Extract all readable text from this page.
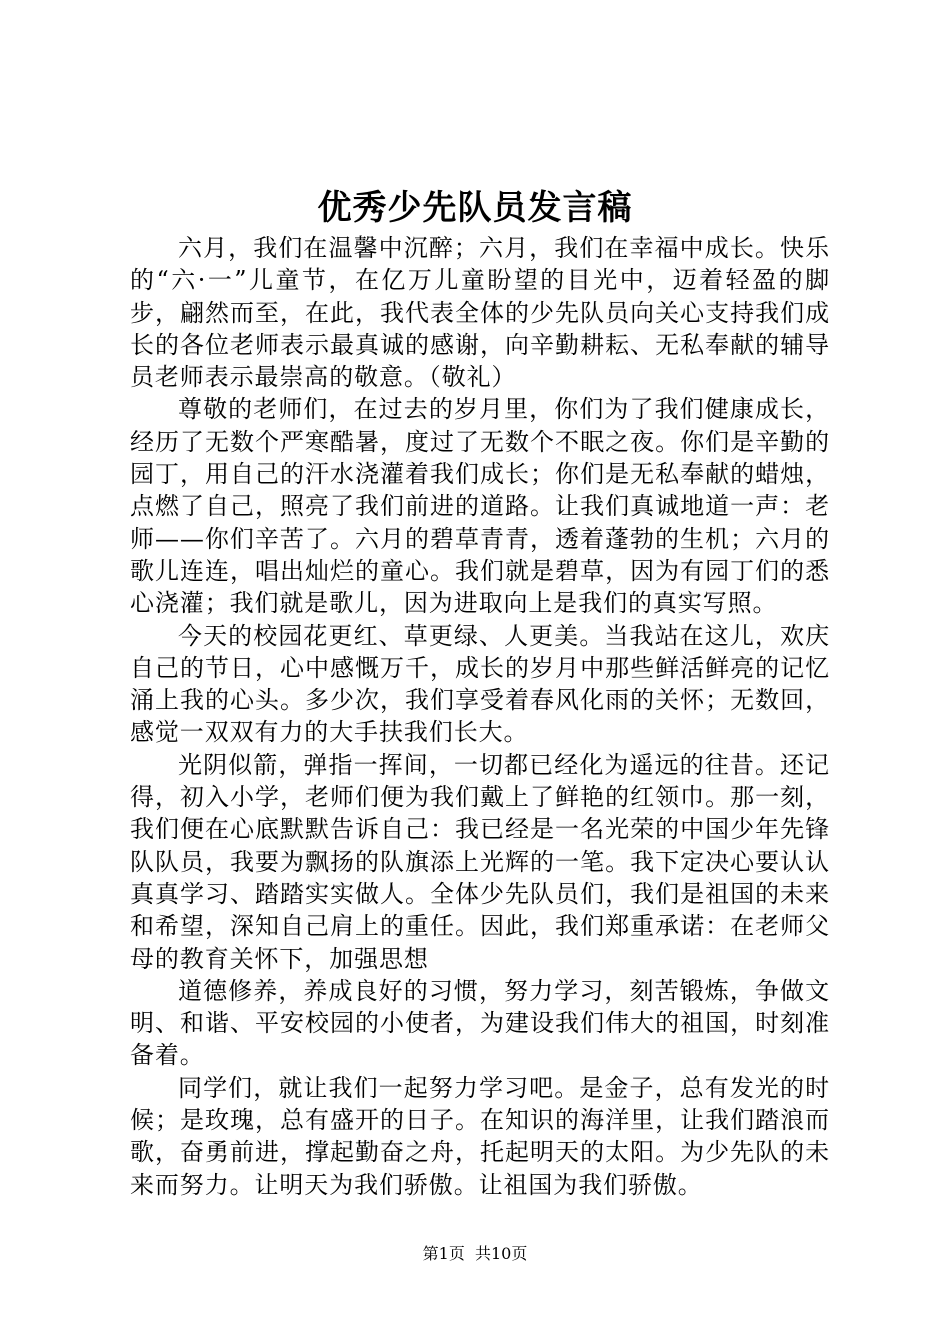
优秀少先队员发言稿

六月，我们在温馨中沉醉；六月，我们在幸福中成长。快乐的“六·一”儿童节，在亿万儿童盼望的目光中，迈着轻盈的脚步，翩然而至，在此，我代表全体的少先队员向关心支持我们成长的各位老师表示最真诚的感谢，向辛勤耕耘、无私奉献的辅导员老师表示最崇高的敬意。（敬礼）

尊敬的老师们，在过去的岁月里，你们为了我们健康成长，经历了无数个严寒酷暑，度过了无数个不眠之夜。你们是辛勤的园丁，用自己的汗水浇灌着我们成长；你们是无私奉献的蜡烛，点燃了自己，照亮了我们前进的道路。让我们真诚地道一声：老师——你们辛苦了。六月的碧草青青，透着蓬勃的生机；六月的歌儿连连，唱出灿烂的童心。我们就是碧草，因为有园丁们的悉心浇灌；我们就是歌儿，因为进取向上是我们的真实写照。

今天的校园花更红、草更绿、人更美。当我站在这儿，欢庆自己的节日，心中感慨万千，成长的岁月中那些鲜活鲜亮的记忆涌上我的心头。多少次，我们享受着春风化雨的关怀；无数回，感觉一双双有力的大手扶我们长大。

光阴似箭，弹指一挥间，一切都已经化为遥远的往昔。还记得，初入小学，老师们便为我们戴上了鲜艳的红领巾。那一刻，我们便在心底默默告诉自己：我已经是一名光荣的中国少年先锋队队员，我要为飘扬的队旗添上光辉的一笔。我下定决心要认认真真学习、踏踏实实做人。全体少先队员们，我们是祖国的未来和希望，深知自己肩上的重任。因此，我们郑重承诺：在老师父母的教育关怀下，加强思想

道德修养，养成良好的习惯，努力学习，刻苦锻炼，争做文明、和谐、平安校园的小使者，为建设我们伟大的祖国，时刻准备着。

同学们，就让我们一起努力学习吧。是金子，总有发光的时候；是玫瑰，总有盛开的日子。在知识的海洋里，让我们踏浪而歌，奋勇前进，撑起勤奋之舟，托起明天的太阳。为少先队的未来而努力。让明天为我们骄傲。让祖国为我们骄傲。

第1页  共10页
